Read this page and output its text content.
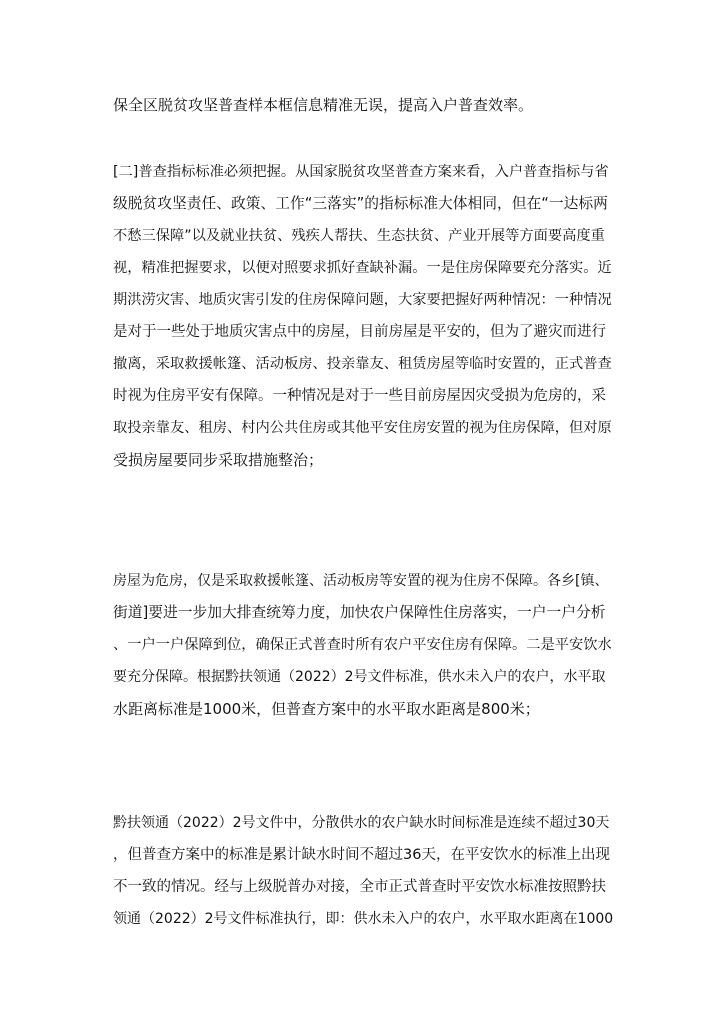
保全区脱贫攻坚普查样本框信息精准无误，提高入户普查效率。
[二]普查指标标准必须把握。从国家脱贫攻坚普查方案来看，入户普查指标与省
级脱贫攻坚责任、政策、工作“三落实”的指标标准大体相同，但在“一达标两
不愁三保障”以及就业扶贫、残疾人帮扶、生态扶贫、产业开展等方面要高度重
视，精准把握要求，以便对照要求抓好查缺补漏。一是住房保障要充分落实。近
期洪涝灾害、地质灾害引发的住房保障问题，大家要把握好两种情况：一种情况
是对于一些处于地质灾害点中的房屋，目前房屋是平安的，但为了避灾而进行
撤离，采取救援帐篷、活动板房、投亲靠友、租赁房屋等临时安置的，正式普查
时视为住房平安有保障。一种情况是对于一些目前房屋因灾受损为危房的，采
取投亲靠友、租房、村内公共住房或其他平安住房安置的视为住房保障，但对原
受损房屋要同步采取措施整治；
房屋为危房，仅是采取救援帐篷、活动板房等安置的视为住房不保障。各乡[镇、
街道]要进一步加大排查统筹力度，加快农户保障性住房落实，一户一户分析
、一户一户保障到位，确保正式普查时所有农户平安住房有保障。二是平安饮水
要充分保障。根据黔扶领通（2022）2号文件标准，供水未入户的农户，水平取
水距离标准是1000米，但普查方案中的水平取水距离是800米；
黔扶领通（2022）2号文件中，分散供水的农户缺水时间标准是连续不超过30天
，但普查方案中的标准是累计缺水时间不超过36天，在平安饮水的标准上出现
不一致的情况。经与上级脱普办对接，全市正式普查时平安饮水标准按照黔扶
领通（2022）2号文件标准执行，即：供水未入户的农户，水平取水距离在1000
